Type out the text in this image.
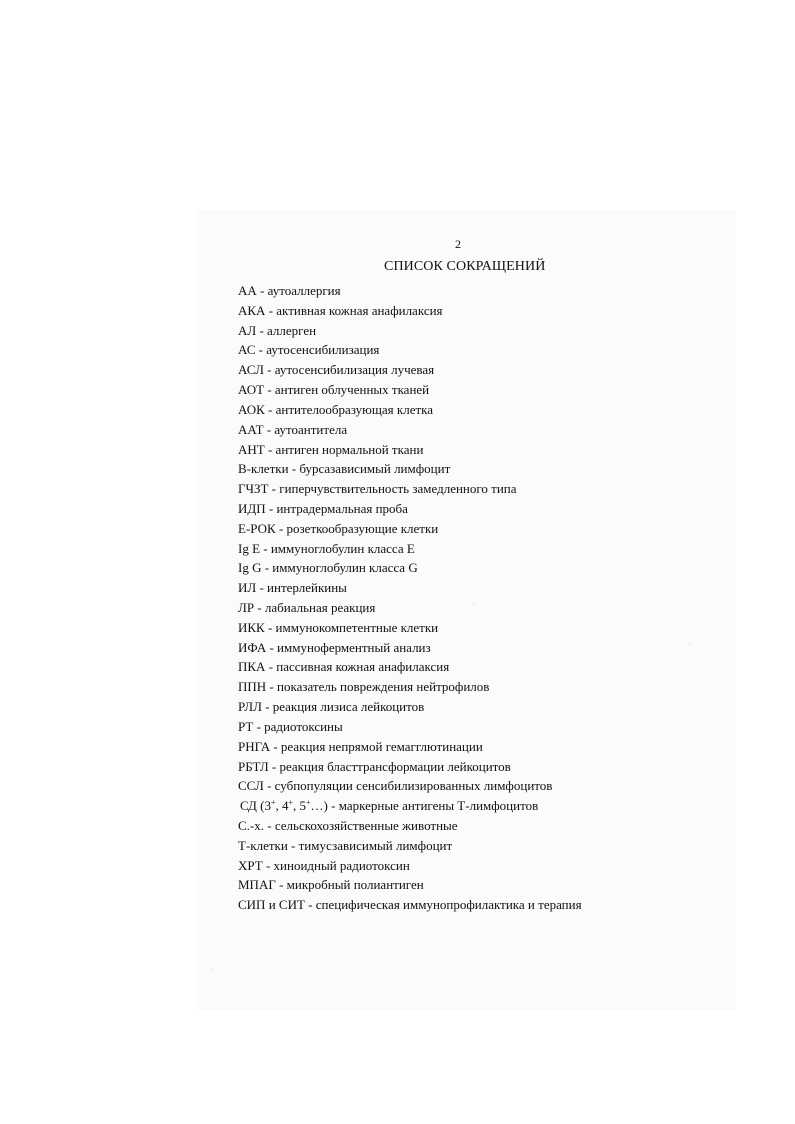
2
СПИСОК СОКРАЩЕНИЙ
АА - аутоаллергия
АКА - активная кожная анафилаксия
АЛ - аллерген
АС - аутосенсибилизация
АСЛ - аутосенсибилизация лучевая
АОТ - антиген облученных тканей
АОК - антителообразующая клетка
ААТ - аутоантитела
АНТ - антиген нормальной ткани
В-клетки - бурсазависимый лимфоцит
ГЧЗТ - гиперчувствительность замедленного типа
ИДП - интрадермальная проба
Е-РОК - розеткообразующие клетки
Ig Е - иммуноглобулин класса Е
Ig G - иммуноглобулин класса G
ИЛ - интерлейкины
ЛР - лабиальная реакция
ИКК - иммунокомпетентные клетки
ИФА - иммуноферментный анализ
ПКА - пассивная кожная анафилаксия
ППН - показатель повреждения нейтрофилов
РЛЛ - реакция лизиса лейкоцитов
РТ - радиотоксины
РНГА - реакция непрямой гемагглютинации
РБТЛ - реакция бласттрансформации лейкоцитов
ССЛ - субпопуляции сенсибилизированных лимфоцитов
СД (3+, 4+, 5+…) - маркерные антигены Т-лимфоцитов
С.-х. - сельскохозяйственные животные
Т-клетки - тимусзависимый лимфоцит
ХРТ - хиноидный радиотоксин
МПАГ - микробный полиантиген
СИП и СИТ - специфическая иммунопрофилактика и терапия
·
·
·
